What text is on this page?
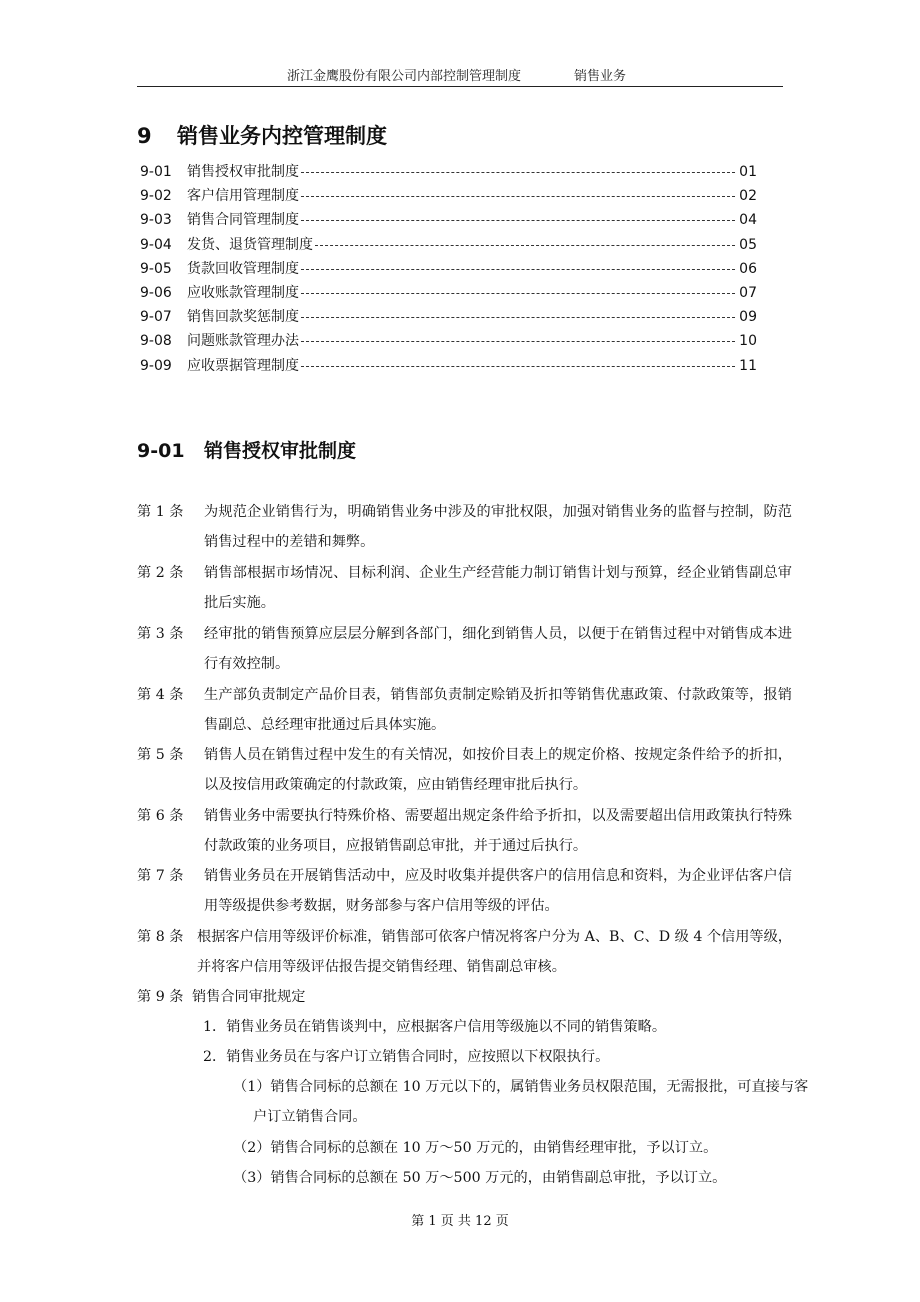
浙江金鹰股份有限公司内部控制管理制度	销售业务
9 销售业务内控管理制度
9-01 销售授权审批制度	01
9-02 客户信用管理制度	02
9-03 销售合同管理制度	04
9-04 发货、退货管理制度	05
9-05 货款回收管理制度	06
9-06 应收账款管理制度	07
9-07 销售回款奖惩制度	09
9-08 问题账款管理办法	10
9-09 应收票据管理制度	11
9-01 销售授权审批制度
第 1 条 为规范企业销售行为，明确销售业务中涉及的审批权限，加强对销售业务的监督与控制，防范销售过程中的差错和舞弊。
第 2 条 销售部根据市场情况、目标利润、企业生产经营能力制订销售计划与预算，经企业销售副总审批后实施。
第 3 条 经审批的销售预算应层层分解到各部门，细化到销售人员，以便于在销售过程中对销售成本进行有效控制。
第 4 条 生产部负责制定产品价目表，销售部负责制定赊销及折扣等销售优惠政策、付款政策等，报销售副总、总经理审批通过后具体实施。
第 5 条 销售人员在销售过程中发生的有关情况，如按价目表上的规定价格、按规定条件给予的折扣，以及按信用政策确定的付款政策，应由销售经理审批后执行。
第 6 条 销售业务中需要执行特殊价格、需要超出规定条件给予折扣，以及需要超出信用政策执行特殊付款政策的业务项目，应报销售副总审批，并于通过后执行。
第 7 条 销售业务员在开展销售活动中，应及时收集并提供客户的信用信息和资料，为企业评估客户信用等级提供参考数据，财务部参与客户信用等级的评估。
第 8 条 根据客户信用等级评价标准，销售部可依客户情况将客户分为 A、B、C、D 级 4 个信用等级，并将客户信用等级评估报告提交销售经理、销售副总审核。
第 9 条 销售合同审批规定
1．销售业务员在销售谈判中，应根据客户信用等级施以不同的销售策略。
2．销售业务员在与客户订立销售合同时，应按照以下权限执行。
（1）销售合同标的总额在 10 万元以下的，属销售业务员权限范围，无需报批，可直接与客户订立销售合同。
（2）销售合同标的总额在 10 万～50 万元的，由销售经理审批，予以订立。
（3）销售合同标的总额在 50 万～500 万元的，由销售副总审批，予以订立。
第 1 页 共 12 页
